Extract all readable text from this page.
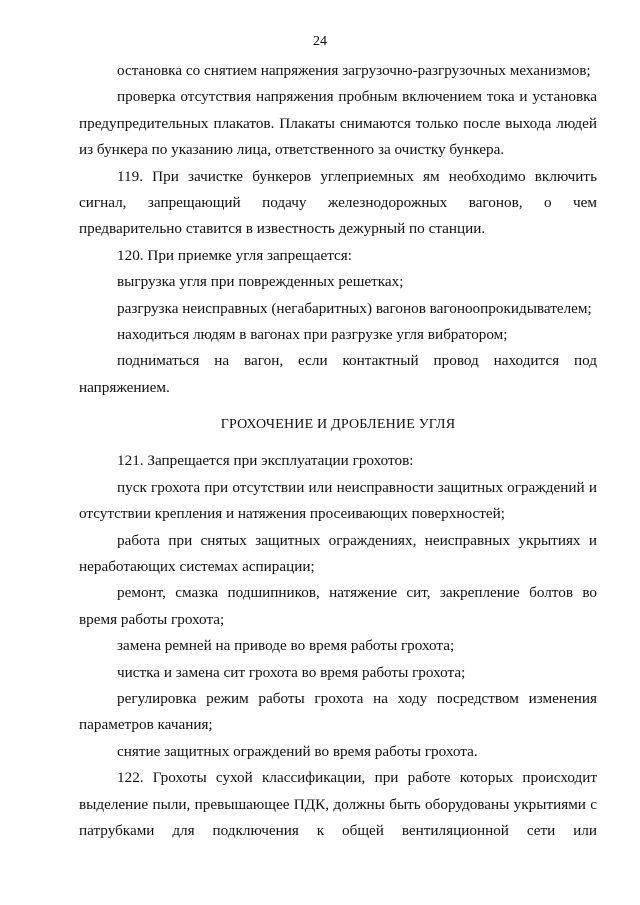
24

остановка со снятием напряжения загрузочно-разгрузочных механизмов;

проверка отсутствия напряжения пробным включением тока и установка предупредительных плакатов. Плакаты снимаются только после выхода людей из бункера по указанию лица, ответственного за очистку бункера.

119. При зачистке бункеров углеприемных ям необходимо включить сигнал, запрещающий подачу железнодорожных вагонов, о чем предварительно ставится в известность дежурный по станции.

120. При приемке угля запрещается:

выгрузка угля при поврежденных решетках;

разгрузка неисправных (негабаритных) вагонов вагоноопрокидывателем;

находиться людям в вагонах при разгрузке угля вибратором;

подниматься на вагон, если контактный провод находится под напряжением.

ГРОХОЧЕНИЕ И ДРОБЛЕНИЕ УГЛЯ

121. Запрещается при эксплуатации грохотов:

пуск грохота при отсутствии или неисправности защитных ограждений и отсутствии крепления и натяжения просеивающих поверхностей;

работа при снятых защитных ограждениях, неисправных укрытиях и неработающих системах аспирации;

ремонт, смазка подшипников, натяжение сит, закрепление болтов во время работы грохота;

замена ремней на приводе во время работы грохота;

чистка и замена сит грохота во время работы грохота;

регулировка режим работы грохота на ходу посредством изменения параметров качания;

снятие защитных ограждений во время работы грохота.

122. Грохоты сухой классификации, при работе которых происходит выделение пыли, превышающее ПДК, должны быть оборудованы укрытиями с патрубками для подключения к общей вентиляционной сети или
